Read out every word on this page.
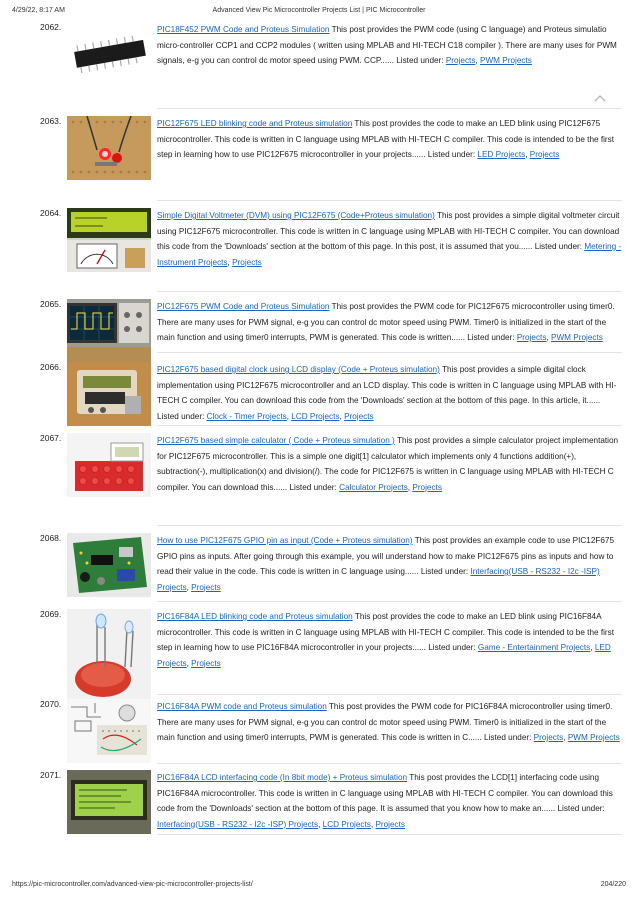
4/29/22, 8:17 AM	Advanced View Pic Microcontroller Projects List | PIC Microcontroller
2062.	PIC18F452 PWM Code and Proteus Simulation This post provides the PWM code (using C language) and Proteus simulatio micro-controller CCP1 and CCP2 modules ( written using MPLAB and HI-TECH C18 compiler ). There are many uses for PWM signals, e-g you can control dc motor speed using PWM. CCP...... Listed under: Projects, PWM Projects
2063.	PIC12F675 LED blinking code and Proteus simulation This post provides the code to make an LED blink using PIC12F675 microcontroller. This code is written in C language using MPLAB with HI-TECH C compiler. This code is intended to be the first step in learning how to use PIC12F675 microcontroller in your projects...... Listed under: LED Projects, Projects
2064.	Simple Digital Voltmeter (DVM) using PIC12F675 (Code+Proteus simulation) This post provides a simple digital voltmeter circuit using PIC12F675 microcontroller. This code is written in C language using MPLAB with HI-TECH C compiler. You can download this code from the 'Downloads' section at the bottom of this page. In this post, it is assumed that you...... Listed under: Metering - Instrument Projects, Projects
2065.	PIC12F675 PWM Code and Proteus Simulation This post provides the PWM code for PIC12F675 microcontroller using timer0. There are many uses for PWM signal, e-g you can control dc motor speed using PWM. Timer0 is initialized in the start of the main function and using timer0 interrupts, PWM is generated. This code is written...... Listed under: Projects, PWM Projects
2066.	PIC12F675 based digital clock using LCD display (Code + Proteus simulation) This post provides a simple digital clock implementation using PIC12F675 microcontroller and an LCD display. This code is written in C language using MPLAB with HI-TECH C compiler. You can download this code from the 'Downloads' section at the bottom of this page. In this article, it...... Listed under: Clock - Timer Projects, LCD Projects, Projects
2067.	PIC12F675 based simple calculator ( Code + Proteus simulation ) This post provides a simple calculator project implementation for PIC12F675 microcontroller. This is a simple one digit[1] calculator which implements only 4 functions addition(+), subtraction(-), multiplication(x) and division(/). The code for PIC12F675 is written in C language using MPLAB with HI-TECH C compiler. You can download this...... Listed under: Calculator Projects, Projects
2068.	How to use PIC12F675 GPIO pin as input (Code + Proteus simulation) This post provides an example code to use PIC12F675 GPIO pins as inputs. After going through this example, you will understand how to make PIC12F675 pins as inputs and how to read their value in the code. This code is written in C language using...... Listed under: Interfacing(USB - RS232 - I2c -ISP) Projects, Projects
2069.	PIC16F84A LED blinking code and Proteus simulation This post provides the code to make an LED blink using PIC16F84A microcontroller. This code is written in C language using MPLAB with HI-TECH C compiler. This code is intended to be the first step in learning how to use PIC16F84A microcontroller in your projects...... Listed under: Game - Entertainment Projects, LED Projects, Projects
2070.	PIC16F84A PWM code and Proteus simulation This post provides the PWM code for PIC16F84A microcontroller using timer0. There are many uses for PWM signal, e-g you can control dc motor speed using PWM. Timer0 is initialized in the start of the main function and using timer0 interrupts, PWM is generated. This code is written in C...... Listed under: Projects, PWM Projects
2071.	PIC16F84A LCD interfacing code (In 8bit mode) + Proteus simulation This post provides the LCD[1] interfacing code using PIC16F84A microcontroller. This code is written in C language using MPLAB with HI-TECH C compiler. You can download this code from the 'Downloads' section at the bottom of this page. It is assumed that you know how to make an...... Listed under: Interfacing(USB - RS232 - I2c -ISP) Projects, LCD Projects, Projects
https://pic-microcontroller.com/advanced-view-pic-microcontroller-projects-list/	204/220
